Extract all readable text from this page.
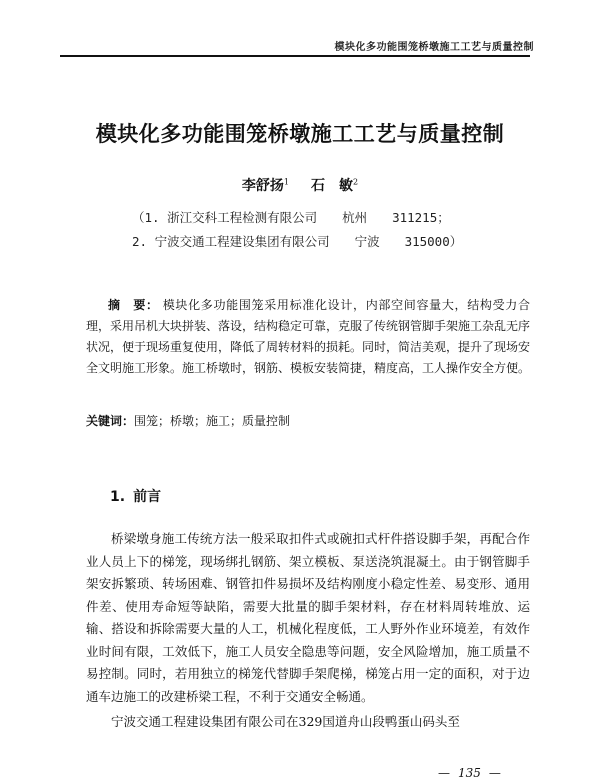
模块化多功能围笼桥墩施工工艺与质量控制
模块化多功能围笼桥墩施工工艺与质量控制
李舒扬$^1$ 石　敏$^2$
（1. 浙江交科工程检测有限公司　　杭州　　311215；
2. 宁波交通工程建设集团有限公司　　宁波　　315000）
摘　要： 模块化多功能围笼采用标准化设计，内部空间容量大，结构受力合理，采用吊机大块拼装、落设，结构稳定可靠，克服了传统钢管脚手架施工杂乱无序状况，便于现场重复使用，降低了周转材料的损耗。同时，简洁美观，提升了现场安全文明施工形象。施工桥墩时，钢筋、模板安装简捷，精度高，工人操作安全方便。
关键词：围笼；桥墩；施工；质量控制
1. 前言

桥梁墩身施工传统方法一般采取扣件式或碗扣式杆件搭设脚手架，再配合作业人员上下的梯笼，现场绑扎钢筋、架立模板、泵送浇筑混凝土。由于钢管脚手架安拆繁琐、转场困难、钢管扣件易损坏及结构刚度小稳定性差、易变形、通用件差、使用寿命短等缺陷，需要大批量的脚手架材料，存在材料周转堆放、运输、搭设和拆除需要大量的人工，机械化程度低，工人野外作业环境差，有效作业时间有限，工效低下，施工人员安全隐患等问题，安全风险增加，施工质量不易控制。同时，若用独立的梯笼代替脚手架爬梯，梯笼占用一定的面积，对于边通车边施工的改建桥梁工程，不利于交通安全畅通。

宁波交通工程建设集团有限公司在329国道舟山段鸭蛋山码头至

— 135 —
